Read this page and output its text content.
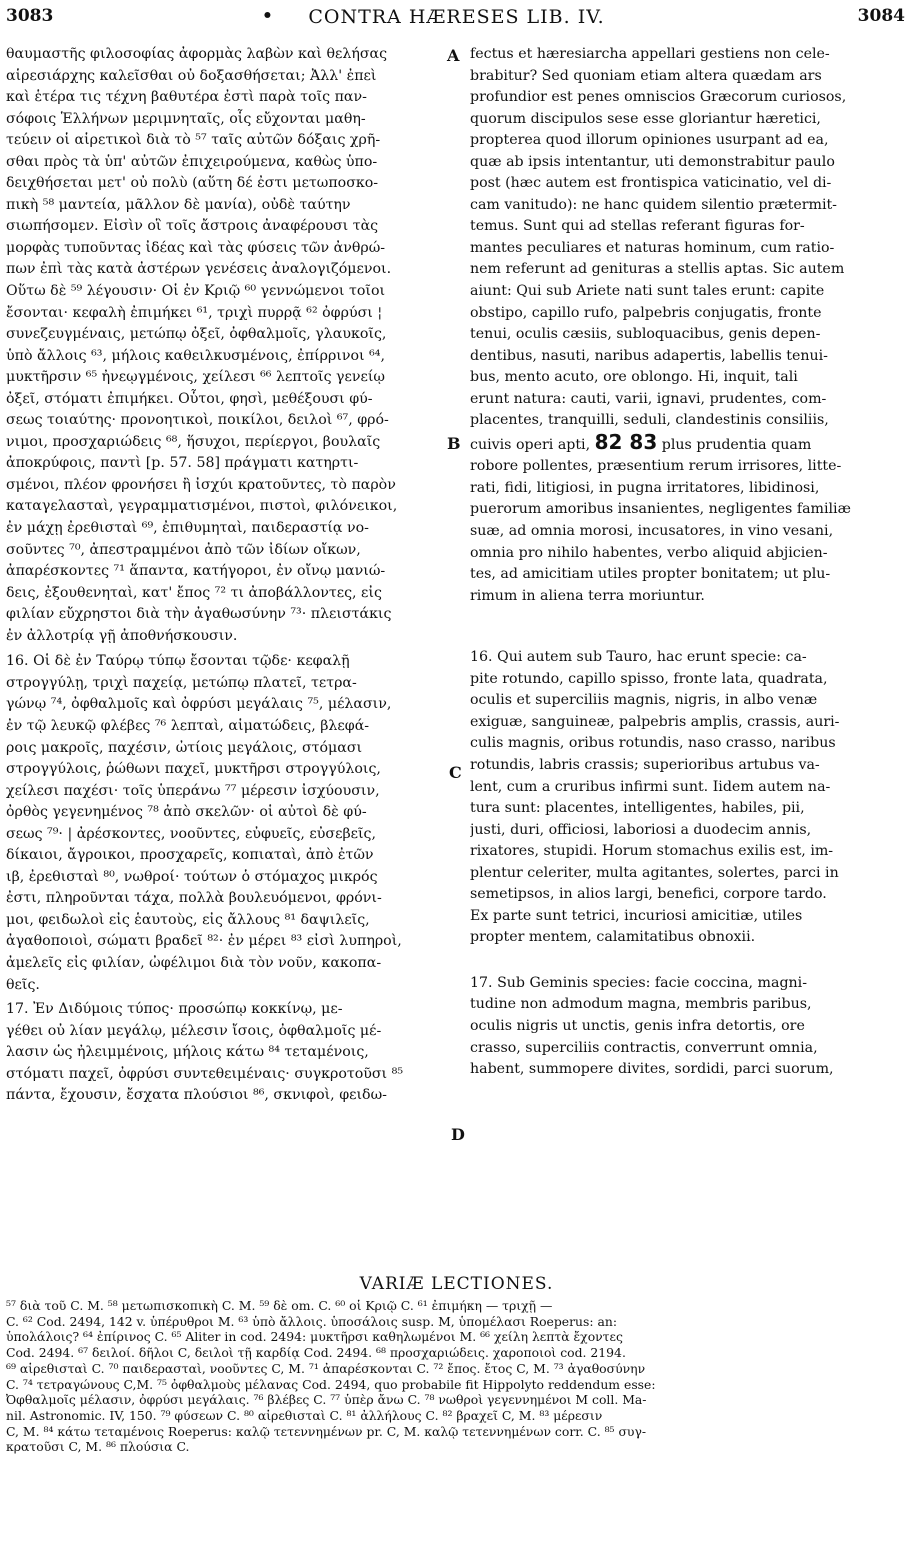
3083	•	CONTRA HÆRESES LIB. IV.	3084
A
B
C
D
θαυμαστῆς φιλοσοφίας ἀφορμὰς λαβὼν καὶ θελήσας
αἱρεσιάρχης καλεῖσθαι οὐ δοξασθήσεται; Ἀλλ' ἐπεὶ
καὶ ἑτέρα τις τέχνη βαθυτέρα ἐστὶ παρὰ τοῖς παν-
σόφοις Ἑλλήνων μεριμνηταῖς, οἷς εὔχονται μαθη-
τεύειν οἱ αἱρετικοὶ διὰ τὸ ⁵⁷ ταῖς αὐτῶν δόξαις χρῆ-
σθαι πρὸς τὰ ὑπ' αὐτῶν ἐπιχειρούμενα, καθὼς ὑπο-
δειχθήσεται μετ' οὐ πολὺ (αὕτη δέ ἐστι μετωποσκο-
πικὴ ⁵⁸ μαντεία, μᾶλλον δὲ μανία), οὐδὲ ταύτην
σιωπήσομεν. Εἰσὶν οἳ τοῖς ἄστροις ἀναφέρουσι τὰς
μορφὰς τυποῦντας ἰδέας καὶ τὰς φύσεις τῶν ἀνθρώ-
πων ἐπὶ τὰς κατὰ ἀστέρων γενέσεις ἀναλογιζόμενοι.
Οὕτω δὲ ⁵⁹ λέγουσιν· Οἱ ἐν Κριῷ ⁶⁰ γεννώμενοι τοῖοι
ἔσονται· κεφαλὴ ἐπιμήκει ⁶¹, τριχὶ πυρρᾷ ⁶² ὀφρύσι ¦
συνεζευγμέναις, μετώπῳ ὀξεῖ, ὀφθαλμοῖς, γλαυκοῖς,
ὑπὸ ἄλλοις ⁶³, μήλοις καθειλκυσμένοις, ἐπίρρινοι ⁶⁴,
μυκτῆρσιν ⁶⁵ ἠνεῳγμένοις, χείλεσι ⁶⁶ λεπτοῖς γενείῳ
ὀξεῖ, στόματι ἐπιμήκει. Οὗτοι, φησὶ, μεθέξουσι φύ-
σεως τοιαύτης· προνοητικοὶ, ποικίλοι, δειλοὶ ⁶⁷, φρό-
νιμοι, προσχαριώδεις ⁶⁸, ἥσυχοι, περίεργοι, βουλαῖς
ἀποκρύφοις, παντὶ [p. 57. 58] πράγματι κατηρτι-
σμένοι, πλέον φρονήσει ἢ ἰσχύι κρατοῦντες, τὸ παρὸν
καταγελασταὶ, γεγραμματισμένοι, πιστοὶ, φιλόνεικοι,
ἐν μάχῃ ἐρεθισταὶ ⁶⁹, ἐπιθυμηταὶ, παιδεραστίᾳ νο-
σοῦντες ⁷⁰, ἀπεστραμμένοι ἀπὸ τῶν ἰδίων οἴκων,
ἀπαρέσκοντες ⁷¹ ἅπαντα, κατήγοροι, ἐν οἴνῳ μανιώ-
δεις, ἐξουθενηταὶ, κατ' ἔπος ⁷² τι ἀποβάλλοντες, εἰς
φιλίαν εὔχρηστοι διὰ τὴν ἀγαθωσύνην ⁷³· πλειστάκις
ἐν ἀλλοτρίᾳ γῇ ἀποθνήσκουσιν.
16. Οἱ δὲ ἐν Ταύρῳ τύπῳ ἔσονται τῷδε· κεφαλῇ
στρογγύλῃ, τριχὶ παχείᾳ, μετώπῳ πλατεῖ, τετρα-
γώνῳ ⁷⁴, ὀφθαλμοῖς καὶ ὀφρύσι μεγάλαις ⁷⁵, μέλασιν,
ἐν τῷ λευκῷ φλέβες ⁷⁶ λεπταὶ, αἱματώδεις, βλεφά-
ροις μακροῖς, παχέσιν, ὠτίοις μεγάλοις, στόμασι
στρογγύλοις, ῥώθωνι παχεῖ, μυκτῆρσι στρογγύλοις,
χείλεσι παχέσι· τοῖς ὑπεράνω ⁷⁷ μέρεσιν ἰσχύουσιν,
ὀρθὸς γεγενημένος ⁷⁸ ἀπὸ σκελῶν· οἱ αὐτοὶ δὲ φύ-
σεως ⁷⁹· | ἀρέσκοντες, νοοῦντες, εὐφυεῖς, εὐσεβεῖς,
δίκαιοι, ἄγροικοι, προσχαρεῖς, κοπιαταὶ, ἀπὸ ἐτῶν
ιβ, ἐρεθισταὶ ⁸⁰, νωθροί· τούτων ὁ στόμαχος μικρός
ἐστι, πληροῦνται τάχα, πολλὰ βουλευόμενοι, φρόνι-
μοι, φειδωλοὶ εἰς ἑαυτοὺς, εἰς ἄλλους ⁸¹ δαψιλεῖς,
ἀγαθοποιοὶ, σώματι βραδεῖ ⁸²· ἐν μέρει ⁸³ εἰσὶ λυπηροὶ,
ἀμελεῖς εἰς φιλίαν, ὠφέλιμοι διὰ τὸν νοῦν, κακοπα-
θεῖς.
17. Ἐν Διδύμοις τύπος· προσώπῳ κοκκίνῳ, με-
γέθει οὐ λίαν μεγάλῳ, μέλεσιν ἴσοις, ὀφθαλμοῖς μέ-
λασιν ὡς ἠλειμμένοις, μήλοις κάτω ⁸⁴ τεταμένοις,
στόματι παχεῖ, ὀφρύσι συντεθειμέναις· συγκροτοῦσι ⁸⁵
πάντα, ἔχουσιν, ἔσχατα πλούσιοι ⁸⁶, σκνιφοὶ, φειδω-
fectus et hæresiarcha appellari gestiens non cele-
brabitur? Sed quoniam etiam altera quædam ars
profundior est penes omniscios Græcorum curiosos,
quorum discipulos sese esse gloriantur hæretici,
propterea quod illorum opiniones usurpant ad ea,
quæ ab ipsis intentantur, uti demonstrabitur paulo
post (hæc autem est frontispica vaticinatio, vel di-
cam vanitudo): ne hanc quidem silentio prætermit-
temus. Sunt qui ad stellas referant figuras for-
mantes peculiares et naturas hominum, cum ratio-
nem referunt ad genituras a stellis aptas. Sic autem
aiunt: Qui sub Ariete nati sunt tales erunt: capite
obstipo, capillo rufo, palpebris conjugatis, fronte
tenui, oculis cæsiis, subloquacibus, genis depen-
dentibus, nasuti, naribus adapertis, labellis tenui-
bus, mento acuto, ore oblongo. Hi, inquit, tali
erunt natura: cauti, varii, ignavi, prudentes, com-
placentes, tranquilli, seduli, clandestinis consiliis,
cuivis operi apti, 82 83 plus prudentia quam
robore pollentes, præsentium rerum irrisores, litte-
rati, fidi, litigiosi, in pugna irritatores, libidinosi,
puerorum amoribus insanientes, negligentes familiæ
suæ, ad omnia morosi, incusatores, in vino vesani,
omnia pro nihilo habentes, verbo aliquid abjicien-
tes, ad amicitiam utiles propter bonitatem; ut plu-
rimum in aliena terra moriuntur.
16. Qui autem sub Tauro, hac erunt specie: ca-
pite rotundo, capillo spisso, fronte lata, quadrata,
oculis et superciliis magnis, nigris, in albo venæ
exiguæ, sanguineæ, palpebris amplis, crassis, auri-
culis magnis, oribus rotundis, naso crasso, naribus
rotundis, labris crassis; superioribus artubus va-
lent, cum a cruribus infirmi sunt. Iidem autem na-
tura sunt: placentes, intelligentes, habiles, pii,
justi, duri, officiosi, laboriosi a duodecim annis,
rixatores, stupidi. Horum stomachus exilis est, im-
plentur celeriter, multa agitantes, solertes, parci in
semetipsos, in alios largi, benefici, corpore tardo.
Ex parte sunt tetrici, incuriosi amicitiæ, utiles
propter mentem, calamitatibus obnoxii.
17. Sub Geminis species: facie coccina, magni-
tudine non admodum magna, membris paribus,
oculis nigris ut unctis, genis infra detortis, ore
crasso, superciliis contractis, converrunt omnia,
habent, summopere divites, sordidi, parci suorum,
VARIÆ LECTIONES.
⁵⁷ διὰ τοῦ C. M. ⁵⁸ μετωπισκοπικὴ C. M. ⁵⁹ δὲ om. C. ⁶⁰ οἱ Κριῷ C. ⁶¹ ἐπιμήκη — τριχῇ —
C. ⁶² Cod. 2494, 142 v. ὑπέρυθροι M. ⁶³ ὑπὸ ἄλλοις. ὑποσάλοις susp. M, ὑπομέλασι Roeperus: an:
ὑπολάλοις? ⁶⁴ ἐπίρινος C. ⁶⁵ Aliter in cod. 2494: μυκτῆρσι καθηλωμένοι M. ⁶⁶ χείλη λεπτὰ ἔχοντες
Cod. 2494. ⁶⁷ δειλοί. δῆλοι C, δειλοὶ τῇ καρδίᾳ Cod. 2494. ⁶⁸ προσχαριώδεις. χαροποιοὶ cod. 2194.
⁶⁹ αἱρεθισταὶ C. ⁷⁰ παιδερασταὶ, νοοῦντες C, M. ⁷¹ ἀπαρέσκονται C. ⁷² ἔπος. ἔτος C, M. ⁷³ ἀγαθοσύνην
C. ⁷⁴ τετραγώνους C,M. ⁷⁵ ὀφθαλμοὺς μέλανας Cod. 2494, quo probabile fit Hippolyto reddendum esse:
Ὀφθαλμοῖς μέλασιν, ὀφρύσι μεγάλαις. ⁷⁶ βλέβες C. ⁷⁷ ὑπὲρ ἄνω C. ⁷⁸ νωθροὶ γεγεννημένοι M coll. Ma-
nil. Astronomic. IV, 150. ⁷⁹ φύσεων C. ⁸⁰ αἱρεθισταὶ C. ⁸¹ ἀλλήλους C. ⁸² βραχεῖ C, M. ⁸³ μέρεσιν
C, M. ⁸⁴ κάτω τεταμένοις Roeperus: καλῷ τετεννημένων pr. C, M. καλῷ τετεννημένων corr. C. ⁸⁵ συγ-
κρατοῦσι C, M. ⁸⁶ πλούσια C.
